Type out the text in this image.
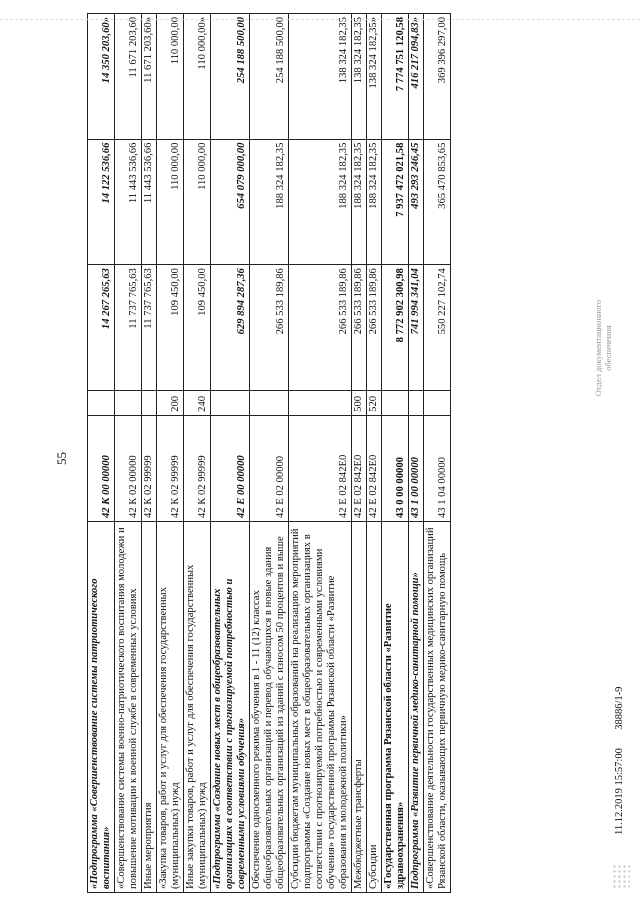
55
«Подпрограмма «Совершенствование системы патриотического воспитания»	42 К 00 00000		14 267 265,63	14 122 536,66	14 350 203,60»
«Совершенствование системы военно-патриотического воспитания молодежи и повышение мотивации к военной службе в современных условиях	42 К 02 00000		11 737 765,63	11 443 536,66	11 671 203,60
Иные мероприятия	42 К 02 99999		11 737 765,63	11 443 536,66	11 671 203,60»
«Закупка товаров, работ и услуг для обеспечения государственных (муниципальных) нужд	42 К 02 99999	200	109 450,00	110 000,00	110 000,00
Иные закупки товаров, работ и услуг для обеспечения государственных (муниципальных) нужд	42 К 02 99999	240	109 450,00	110 000,00	110 000,00»
«Подпрограмма «Создание новых мест в общеобразовательных организациях в соответствии с прогнозируемой потребностью и современными условиями обучения»	42 Е 00 00000		629 894 287,36	654 079 000,00	254 188 500,00
Обеспечение односменного режима обучения в 1 - 11 (12) классах общеобразовательных организаций и перевод обучающихся в новые здания общеобразовательных организаций из зданий с износом 50 процентов и выше	42 Е 02 00000		266 533 189,86	188 324 182,35	254 188 500,00
Субсидии бюджетам муниципальных образований на реализацию мероприятий подпрограммы «Создание новых мест в общеобразовательных организациях в соответствии с прогнозируемой потребностью и современными условиями обучения» государственной программы Рязанской области «Развитие образования и молодежной политики»	42 Е 02 842Е0		266 533 189,86	188 324 182,35	138 324 182,35
Межбюджетные трансферты	42 Е 02 842Е0	500	266 533 189,86	188 324 182,35	138 324 182,35
Субсидии	42 Е 02 842Е0	520	266 533 189,86	188 324 182,35	138 324 182,35»
«Государственная программа Рязанской области «Развитие здравоохранения»	43 0 00 00000		8 772 902 300,98	7 937 472 021,58	7 774 751 120,58
Подпрограмма «Развитие первичной медико-санитарной помощи»	43 1 00 00000		741 994 341,04	493 293 246,45	416 217 094,83»
«Совершенствование деятельности государственных медицинских организаций Рязанской области, оказывающих первичную медико-санитарную помощь	43 1 04 00000		550 227 102,74	365 470 853,65	369 396 297,00
11.12.2019 15:57:00       38886/1-9
Отдел документационного обеспечения
